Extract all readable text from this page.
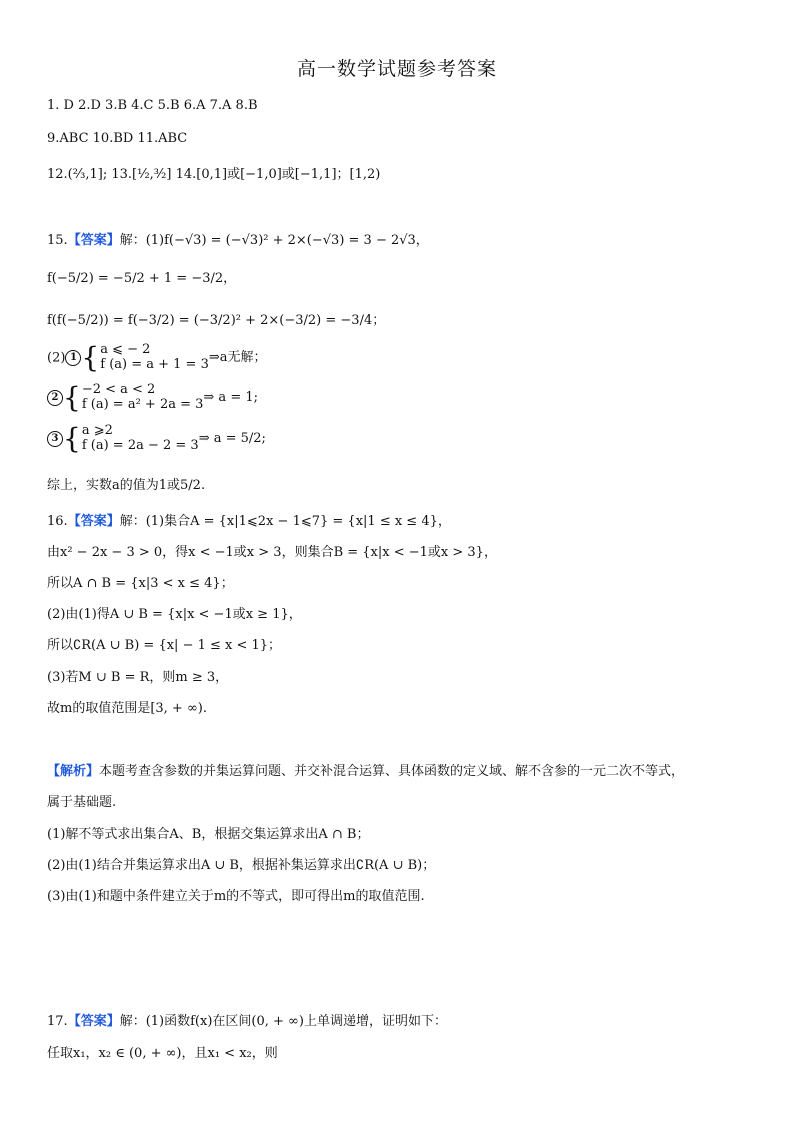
高一数学试题参考答案
1. D 2.D 3.B 4.C 5.B 6.A 7.A 8.B
9.ABC 10.BD 11.ABC
12.(²⁄₃,1]; 13.[¹⁄₂,³⁄₂] 14.[0,1]或[−1,0]或[−1,1]；[1,2)
15.【答案】解：(1)f(−√3) = (−√3)² + 2×(−√3) = 3 − 2√3，
f(−5/2) = −5/2 + 1 = −3/2，
f(f(−5/2)) = f(−3/2) = (−3/2)² + 2×(−3/2) = −3/4；
(2) 1 { a ⩽ − 2
f (a) = a + 1 = 3 ⇒a无解；
2 { −2 < a < 2
f (a) = a² + 2a = 3 ⇒ a = 1;
3 { a ⩾2
f (a) = 2a − 2 = 3 ⇒ a = 5/2;
综上，实数a的值为1或5/2.
16.【答案】解：(1)集合A = {x|1⩽2x − 1⩽7} = {x|1 ≤ x ≤ 4}，
由x² − 2x − 3 > 0，得x < −1或x > 3，则集合B = {x|x < −1或x > 3}，
所以A ∩ B = {x|3 < x ≤ 4}；
(2)由(1)得A ∪ B = {x|x < −1或x ≥ 1}，
所以∁R(A ∪ B) = {x| − 1 ≤ x < 1}；
(3)若M ∪ B = R，则m ≥ 3，
故m的取值范围是[3, + ∞).
【解析】本题考查含参数的并集运算问题、并交补混合运算、具体函数的定义域、解不含参的一元二次不等式，
属于基础题.
(1)解不等式求出集合A、B，根据交集运算求出A ∩ B；
(2)由(1)结合并集运算求出A ∪ B，根据补集运算求出∁R(A ∪ B)；
(3)由(1)和题中条件建立关于m的不等式，即可得出m的取值范围.
17.【答案】解：(1)函数f(x)在区间(0, + ∞)上单调递增，证明如下：
任取x₁，x₂ ∈ (0, + ∞)，且x₁ < x₂，则
